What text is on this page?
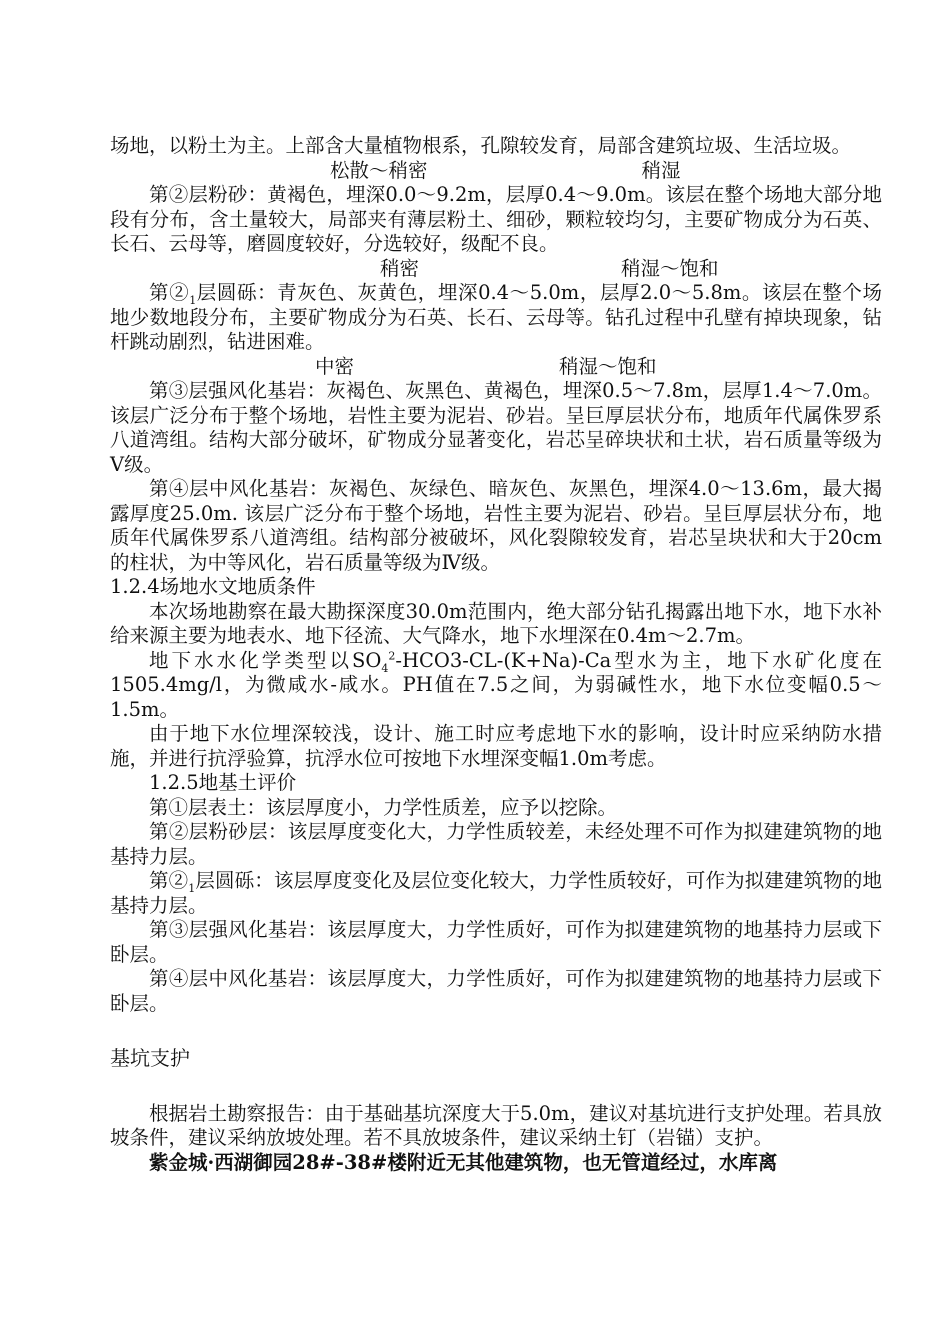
场地，以粉土为主。上部含大量植物根系，孔隙较发育，局部含建筑垃圾、生活垃圾。

松散～稍密	稍湿

第②层粉砂：黄褐色，埋深0.0～9.2m，层厚0.4～9.0m。该层在整个场地大部分地段有分布，含土量较大，局部夹有薄层粉土、细砂，颗粒较均匀，主要矿物成分为石英、长石、云母等，磨圆度较好，分选较好，级配不良。

稍密	稍湿～饱和

第$②_1$层圆砾：青灰色、灰黄色，埋深0.4～5.0m，层厚2.0～5.8m。该层在整个场地少数地段分布，主要矿物成分为石英、长石、云母等。钻孔过程中孔壁有掉块现象，钻杆跳动剧烈，钻进困难。

中密	稍湿～饱和

第③层强风化基岩：灰褐色、灰黑色、黄褐色，埋深0.5～7.8m，层厚1.4～7.0m。该层广泛分布于整个场地，岩性主要为泥岩、砂岩。呈巨厚层状分布，地质年代属侏罗系八道湾组。结构大部分破坏，矿物成分显著变化，岩芯呈碎块状和土状，岩石质量等级为Ⅴ级。

第④层中风化基岩：灰褐色、灰绿色、暗灰色、灰黑色，埋深4.0～13.6m，最大揭露厚度25.0m. 该层广泛分布于整个场地，岩性主要为泥岩、砂岩。呈巨厚层状分布，地质年代属侏罗系八道湾组。结构部分被破坏，风化裂隙较发育，岩芯呈块状和大于20cm的柱状，为中等风化，岩石质量等级为Ⅳ级。

1.2.4场地水文地质条件

本次场地勘察在最大勘探深度30.0m范围内，绝大部分钻孔揭露出地下水，地下水补给来源主要为地表水、地下径流、大气降水，地下水埋深在0.4m～2.7m。

地下水水化学类型以$SO_4^2-HCO3-CL-(K+Na)-Ca$型水为主，地下水矿化度在1505.4mg/l，为微咸水-咸水。PH值在7.5之间，为弱碱性水，地下水位变幅0.5～1.5m。

由于地下水位埋深较浅，设计、施工时应考虑地下水的影响，设计时应采纳防水措施，并进行抗浮验算，抗浮水位可按地下水埋深变幅1.0m考虑。

1.2.5地基土评价

第①层表土：该层厚度小，力学性质差，应予以挖除。

第②层粉砂层：该层厚度变化大，力学性质较差，未经处理不可作为拟建建筑物的地基持力层。

第$②_1$层圆砾：该层厚度变化及层位变化较大，力学性质较好，可作为拟建建筑物的地基持力层。

第③层强风化基岩：该层厚度大，力学性质好，可作为拟建建筑物的地基持力层或下卧层。

第④层中风化基岩：该层厚度大，力学性质好，可作为拟建建筑物的地基持力层或下卧层。

基坑支护

根据岩土勘察报告：由于基础基坑深度大于5.0m，建议对基坑进行支护处理。若具放坡条件，建议采纳放坡处理。若不具放坡条件，建议采纳土钉（岩锚）支护。

紫金城·西湖御园28#-38#楼附近无其他建筑物，也无管道经过，水库离
